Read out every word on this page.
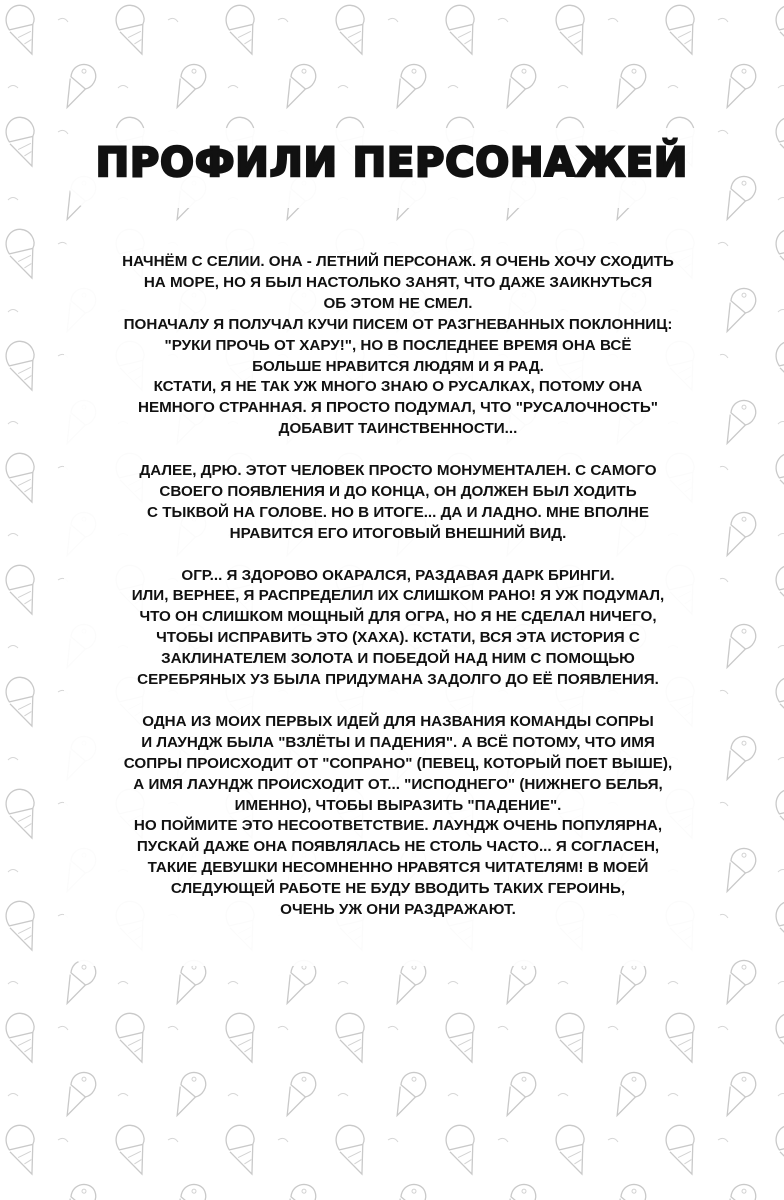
ПРОФИЛИ ПЕРСОНАЖЕЙ

НАЧНЁМ С СЕЛИИ. ОНА - ЛЕТНИЙ ПЕРСОНАЖ. Я ОЧЕНЬ ХОЧУ СХОДИТЬ
НА МОРЕ, НО Я БЫЛ НАСТОЛЬКО ЗАНЯТ, ЧТО ДАЖЕ ЗАИКНУТЬСЯ
ОБ ЭТОМ НЕ СМЕЛ.
ПОНАЧАЛУ Я ПОЛУЧАЛ КУЧИ ПИСЕМ ОТ РАЗГНЕВАННЫХ ПОКЛОННИЦ:
"РУКИ ПРОЧЬ ОТ ХАРУ!", НО В ПОСЛЕДНЕЕ ВРЕМЯ ОНА ВСЁ
БОЛЬШЕ НРАВИТСЯ ЛЮДЯМ И Я РАД.
КСТАТИ, Я НЕ ТАК УЖ МНОГО ЗНАЮ О РУСАЛКАХ, ПОТОМУ ОНА
НЕМНОГО СТРАННАЯ. Я ПРОСТО ПОДУМАЛ, ЧТО "РУСАЛОЧНОСТЬ"
ДОБАВИТ ТАИНСТВЕННОСТИ...

ДАЛЕЕ, ДРЮ. ЭТОТ ЧЕЛОВЕК ПРОСТО МОНУМЕНТАЛЕН. С САМОГО
СВОЕГО ПОЯВЛЕНИЯ И ДО КОНЦА, ОН ДОЛЖЕН БЫЛ ХОДИТЬ
С ТЫКВОЙ НА ГОЛОВЕ. НО В ИТОГЕ... ДА И ЛАДНО. МНЕ ВПОЛНЕ
НРАВИТСЯ ЕГО ИТОГОВЫЙ ВНЕШНИЙ ВИД.

ОГР... Я ЗДОРОВО ОКАРАЛСЯ, РАЗДАВАЯ ДАРК БРИНГИ.
ИЛИ, ВЕРНЕЕ, Я РАСПРЕДЕЛИЛ ИХ СЛИШКОМ РАНО! Я УЖ ПОДУМАЛ,
ЧТО ОН СЛИШКОМ МОЩНЫЙ ДЛЯ ОГРА, НО Я НЕ СДЕЛАЛ НИЧЕГО,
ЧТОБЫ ИСПРАВИТЬ ЭТО (ХАХА). КСТАТИ, ВСЯ ЭТА ИСТОРИЯ С
ЗАКЛИНАТЕЛЕМ ЗОЛОТА И ПОБЕДОЙ НАД НИМ С ПОМОЩЬЮ
СЕРЕБРЯНЫХ УЗ БЫЛА ПРИДУМАНА ЗАДОЛГО ДО ЕЁ ПОЯВЛЕНИЯ.

ОДНА ИЗ МОИХ ПЕРВЫХ ИДЕЙ ДЛЯ НАЗВАНИЯ КОМАНДЫ СОПРЫ
И ЛАУНДЖ БЫЛА "ВЗЛЁТЫ И ПАДЕНИЯ". А ВСЁ ПОТОМУ, ЧТО ИМЯ
СОПРЫ ПРОИСХОДИТ ОТ "СОПРАНО" (ПЕВЕЦ, КОТОРЫЙ ПОЕТ ВЫШЕ),
А ИМЯ ЛАУНДЖ ПРОИСХОДИТ ОТ... "ИСПОДНЕГО" (НИЖНЕГО БЕЛЬЯ,
ИМЕННО), ЧТОБЫ ВЫРАЗИТЬ "ПАДЕНИЕ".
НО ПОЙМИТЕ ЭТО НЕСООТВЕТСТВИЕ. ЛАУНДЖ ОЧЕНЬ ПОПУЛЯРНА,
ПУСКАЙ ДАЖЕ ОНА ПОЯВЛЯЛАСЬ НЕ СТОЛЬ ЧАСТО... Я СОГЛАСЕН,
ТАКИЕ ДЕВУШКИ НЕСОМНЕННО НРАВЯТСЯ ЧИТАТЕЛЯМ! В МОЕЙ
СЛЕДУЮЩЕЙ РАБОТЕ НЕ БУДУ ВВОДИТЬ ТАКИХ ГЕРОИНЬ,
ОЧЕНЬ УЖ ОНИ РАЗДРАЖАЮТ.
